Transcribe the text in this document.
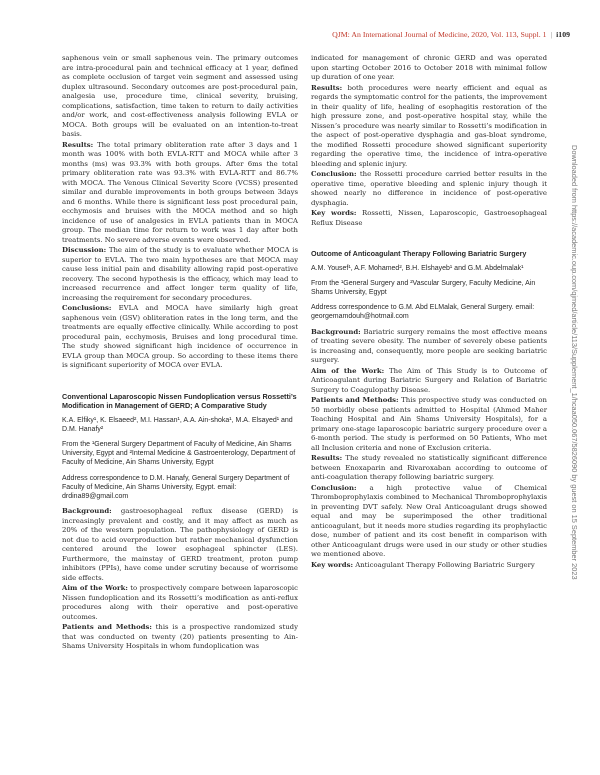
QJM: An International Journal of Medicine, 2020, Vol. 113, Suppl. 1 | i109

saphenous vein or small saphenous vein. The primary outcomes are intra-procedural pain and technical efficacy at 1 year, defined as complete occlusion of target vein segment and assessed using duplex ultrasound. Secondary outcomes are post-procedural pain, analgesia use, procedure time, clinical severity, bruising, complications, satisfaction, time taken to return to daily activities and/or work, and cost-effectiveness analysis following EVLA or MOCA. Both groups will be evaluated on an intention-to-treat basis.

Results: The total primary obliteration rate after 3 days and 1 month was 100% with both EVLA-RTT and MOCA while after 3 months (ms) was 93.3% with both groups. After 6ms the total primary obliteration rate was 93.3% with EVLA-RTT and 86.7% with MOCA. The Venous Clinical Severity Score (VCSS) presented similar and durable improvements in both groups between 3days and 6 months. While there is significant less post procedural pain, ecchymosis and bruises with the MOCA method and so high incidence of use of analgesics in EVLA patients than in MOCA group. The median time for return to work was 1 day after both treatments. No severe adverse events were observed.

Discussion: The aim of the study is to evaluate whether MOCA is superior to EVLA. The two main hypotheses are that MOCA may cause less initial pain and disability allowing rapid post-operative recovery. The second hypothesis is the efficacy, which may lead to increased recurrence and affect longer term quality of life, increasing the requirement for secondary procedures.

Conclusions: EVLA and MOCA have similarly high great saphenous vein (GSV) obliteration rates in the long term, and the treatments are equally effective clinically. While according to post procedural pain, ecchymosis, Bruises and long procedural time. The study showed significant high incidence of occurrence in EVLA group than MOCA group. So according to these items there is significant superiority of MOCA over EVLA.

Conventional Laparoscopic Nissen Fundoplication versus Rossetti’s Modification in Management of GERD; A Comparative Study
K.A. Elfiky¹, K. Elsaeed², M.I. Hassan¹, A.A. Ain-shoka¹, M.A. Elsayed¹ and D.M. Hanafy²
From the ¹General Surgery Department of Faculty of Medicine, Ain Shams University, Egypt and ²Internal Medicine & Gastroenterology, Department of Faculty of Medicine, Ain Shams University, Egypt
Address correspondence to D.M. Hanafy, General Surgery Department of Faculty of Medicine, Ain Shams University, Egypt. email: drdina89@gmail.com

Background: gastroesophageal reflux disease (GERD) is increasingly prevalent and costly, and it may affect as much as 20% of the western population. The pathophysiology of GERD is not due to acid overproduction but rather mechanical dysfunction centered around the lower esophageal sphincter (LES). Furthermore, the mainstay of GERD treatment, proton pump inhibitors (PPIs), have come under scrutiny because of worrisome side effects.

Aim of the Work: to prospectively compare between laparoscopic Nissen fundoplication and its Rossetti’s modification as anti-reflux procedures along with their operative and post-operative outcomes.

Patients and Methods: this is a prospective randomized study that was conducted on twenty (20) patients presenting to Ain-Shams University Hospitals in whom fundoplication was

indicated for management of chronic GERD and was operated upon starting October 2016 to October 2018 with minimal follow up duration of one year.

Results: both procedures were nearly efficient and equal as regards the symptomatic control for the patients, the improvement in their quality of life, healing of esophagitis restoration of the high pressure zone, and post-operative hospital stay, while the Nissen’s procedure was nearly similar to Rossetti’s modification in the aspect of post-operative dysphagia and gas-bloat syndrome, the modified Rossetti procedure showed significant superiority regarding the operative time, the incidence of intra-operative bleeding and splenic injury.

Conclusion: the Rossetti procedure carried better results in the operative time, operative bleeding and splenic injury though it showed nearly no difference in incidence of post-operative dysphagia.

Key words: Rossetti, Nissen, Laparoscopic, Gastroesophageal Reflux Disease

Outcome of Anticoagulant Therapy Following Bariatric Surgery
A.M. Yousef¹, A.F. Mohamed², B.H. Elshayeb¹ and G.M. Abdelmalak¹
From the ¹General Surgery and ²Vascular Surgery, Faculty Medicine, Ain Shams University, Egypt
Address correspondence to G.M. Abd ELMalak, General Surgery. email: georgemamdouh@hotmail.com

Background: Bariatric surgery remains the most effective means of treating severe obesity. The number of severely obese patients is increasing and, consequently, more people are seeking bariatric surgery.

Aim of the Work: The Aim of This Study is to Outcome of Anticoagulant during Bariatric Surgery and Relation of Bariatric Surgery to Coagulopathy Disease.

Patients and Methods: This prospective study was conducted on 50 morbidly obese patients admitted to Hospital (Ahmed Maher Teaching Hospital and Ain Shams University Hospitals), for a primary one-stage laparoscopic bariatric surgery procedure over a 6-month period. The study is performed on 50 Patients, Who met all Inclusion criteria and none of Exclusion criteria.

Results: The study revealed no statistically significant difference between Enoxaparin and Rivaroxaban according to outcome of anti-coagulation therapy following bariatric surgery.

Conclusion: a high protective value of Chemical Thromboprophylaxis combined to Mechanical Thromboprophylaxis in preventing DVT safely. New Oral Anticoagulant drugs showed equal and may be superimposed the other traditional anticoagulant, but it needs more studies regarding its prophylactic dose, number of patient and its cost benefit in comparison with other Anticoagulant drugs were used in our study or other studies we mentioned above.

Key words: Anticoagulant Therapy Following Bariatric Surgery	Downloaded from https://academic.oup.com/qjmed/article/113/Supplement_1/hcaa050.067/5826090 by guest on 15 September 2023
